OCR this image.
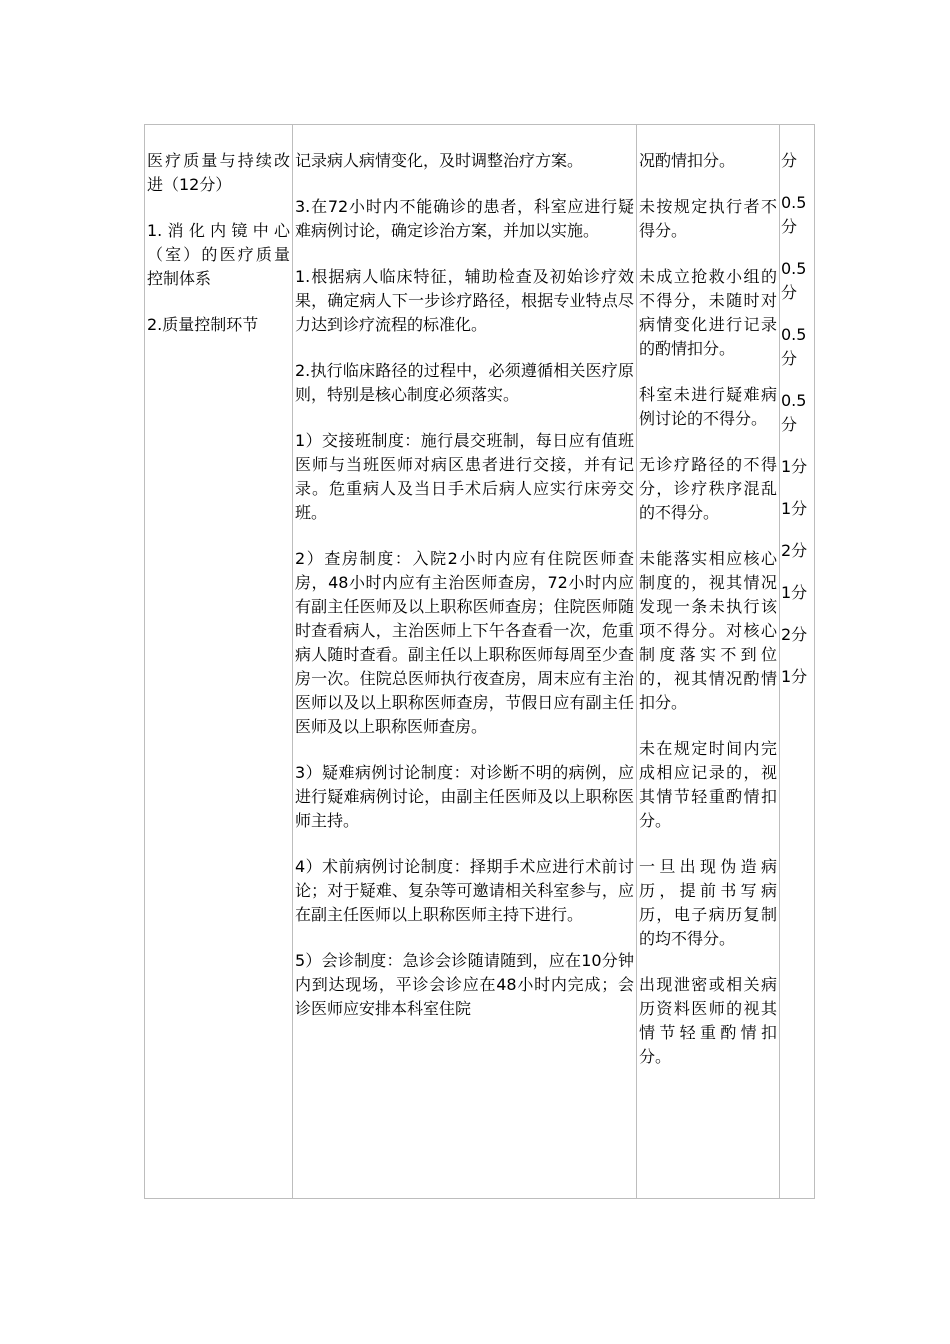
医疗质量与持续改进（12分）

1.消化内镜中心（室）的医疗质量控制体系

2.质量控制环节

记录病人病情变化，及时调整治疗方案。

3.在72小时内不能确诊的患者，科室应进行疑难病例讨论，确定诊治方案，并加以实施。

1.根据病人临床特征，辅助检查及初始诊疗效果，确定病人下一步诊疗路径，根据专业特点尽力达到诊疗流程的标准化。

2.执行临床路径的过程中，必须遵循相关医疗原则，特别是核心制度必须落实。

1）交接班制度：施行晨交班制，每日应有值班医师与当班医师对病区患者进行交接，并有记录。危重病人及当日手术后病人应实行床旁交班。

2）查房制度：入院2小时内应有住院医师查房，48小时内应有主治医师查房，72小时内应有副主任医师及以上职称医师查房；住院医师随时查看病人，主治医师上下午各查看一次，危重病人随时查看。副主任以上职称医师每周至少查房一次。住院总医师执行夜查房，周末应有主治医师以及以上职称医师查房，节假日应有副主任医师及以上职称医师查房。

3）疑难病例讨论制度：对诊断不明的病例，应进行疑难病例讨论，由副主任医师及以上职称医师主持。

4）术前病例讨论制度：择期手术应进行术前讨论；对于疑难、复杂等可邀请相关科室参与，应在副主任医师以上职称医师主持下进行。

5）会诊制度：急诊会诊随请随到，应在10分钟内到达现场，平诊会诊应在48小时内完成；会诊医师应安排本科室住院

况酌情扣分。

未按规定执行者不得分。

未成立抢救小组的不得分，未随时对病情变化进行记录的酌情扣分。

科室未进行疑难病例讨论的不得分。

无诊疗路径的不得分，诊疗秩序混乱的不得分。

未能落实相应核心制度的，视其情况发现一条未执行该项不得分。对核心制度落实不到位的，视其情况酌情扣分。

未在规定时间内完成相应记录的，视其情节轻重酌情扣分。

一旦出现伪造病历，提前书写病历，电子病历复制的均不得分。

出现泄密或相关病历资料医师的视其情节轻重酌情扣分。

分

0.5分

0.5分

0.5分

0.5分

1分

1分

2分

1分

2分

1分
